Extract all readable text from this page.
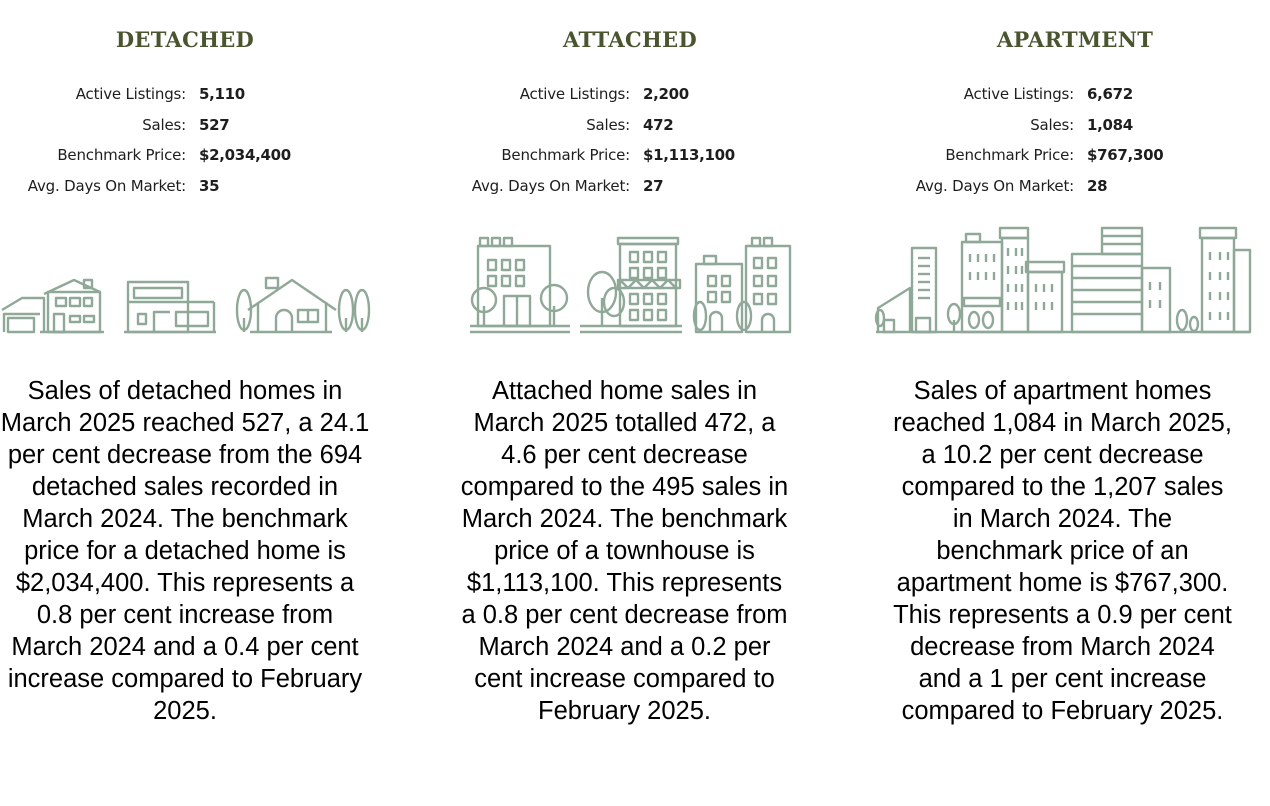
DETACHED
Active Listings: 5,110
Sales: 527
Benchmark Price: $2,034,400
Avg. Days On Market: 35

Sales of detached homes in March 2025 reached 527, a 24.1 per cent decrease from the 694 detached sales recorded in March 2024. The benchmark price for a detached home is $2,034,400. This represents a 0.8 per cent increase from March 2024 and a 0.4 per cent increase compared to February 2025.

ATTACHED
Active Listings: 2,200
Sales: 472
Benchmark Price: $1,113,100
Avg. Days On Market: 27

Attached home sales in March 2025 totalled 472, a 4.6 per cent decrease compared to the 495 sales in March 2024. The benchmark price of a townhouse is $1,113,100. This represents a 0.8 per cent decrease from March 2024 and a 0.2 per cent increase compared to February 2025.

APARTMENT
Active Listings: 6,672
Sales: 1,084
Benchmark Price: $767,300
Avg. Days On Market: 28

Sales of apartment homes reached 1,084 in March 2025, a 10.2 per cent decrease compared to the 1,207 sales in March 2024. The benchmark price of an apartment home is $767,300. This represents a 0.9 per cent decrease from March 2024 and a 1 per cent increase compared to February 2025.
